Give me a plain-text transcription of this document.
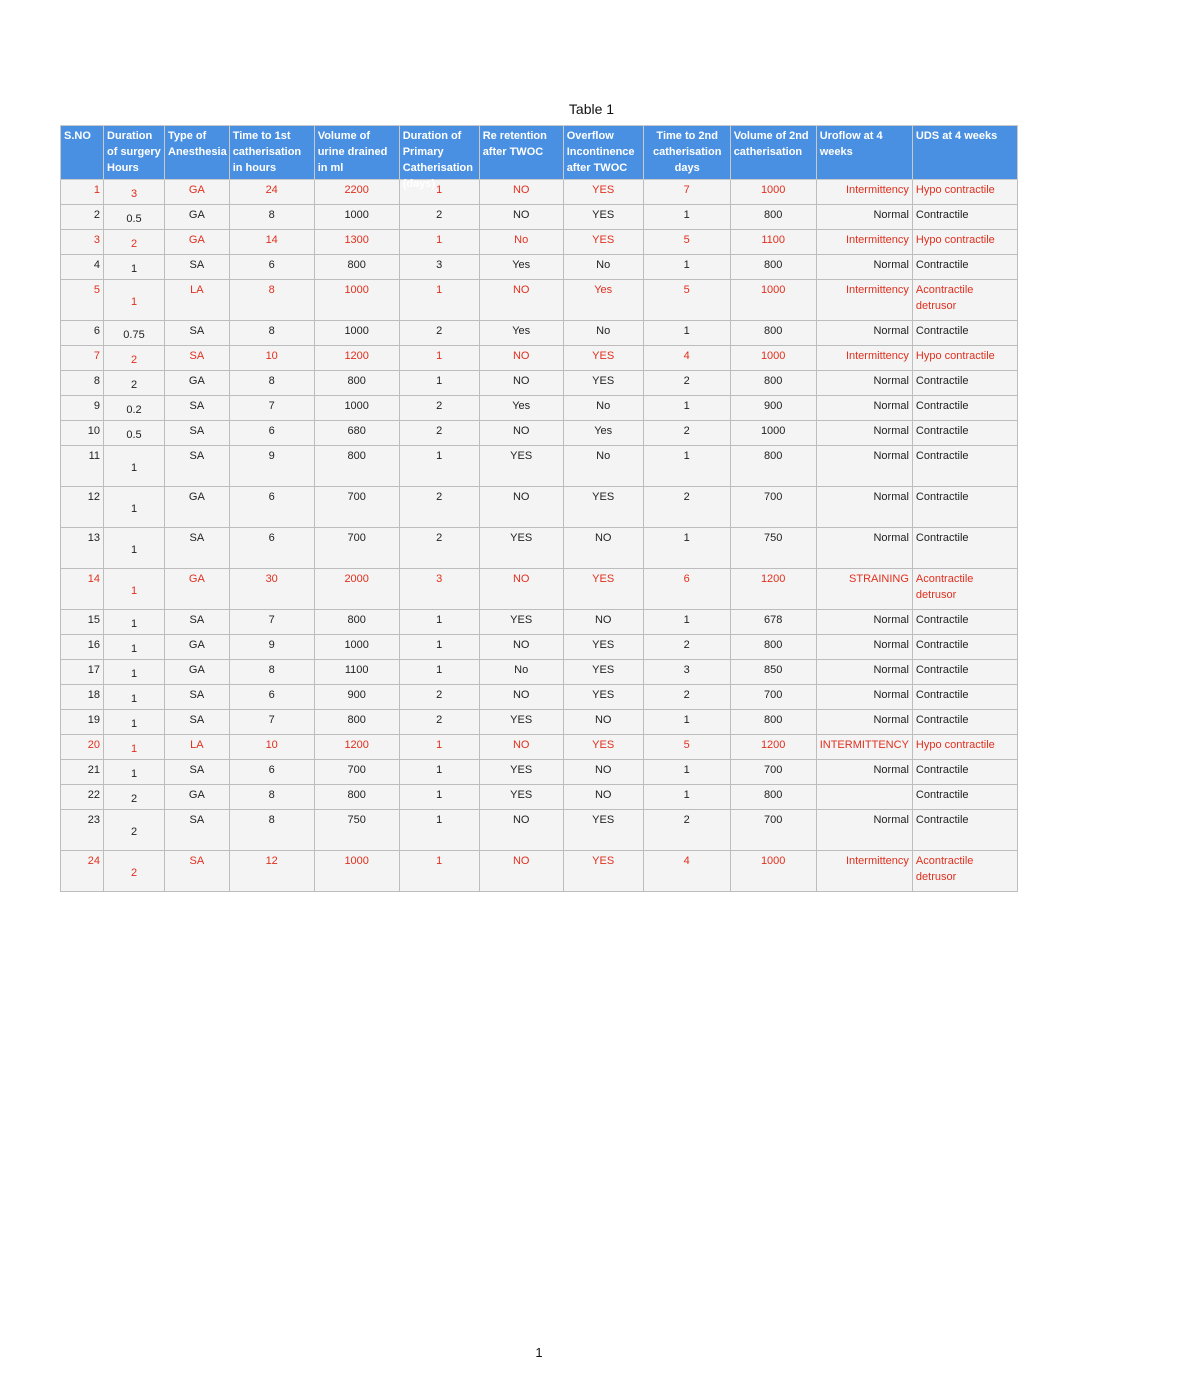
Table 1
S.NO	Duration of surgery Hours	Type of Anesthesia	Time to 1st catherisation in hours	Volume of urine drained in ml	Duration of Primary Catherisation (days)	Re retention after TWOC	Overflow Incontinence after TWOC	Time to 2nd catherisation days	Volume of 2nd catherisation	Uroflow at 4 weeks	UDS at 4 weeks

1	3	GA	24	2200	1	NO	YES	7	1000	Intermittency	Hypo contractile
2	0.5	GA	8	1000	2	NO	YES	1	800	Normal	Contractile
3	2	GA	14	1300	1	No	YES	5	1100	Intermittency	Hypo contractile
4	1	SA	6	800	3	Yes	No	1	800	Normal	Contractile
5	1	LA	8	1000	1	NO	Yes	5	1000	Intermittency	Acontractile detrusor
6	0.75	SA	8	1000	2	Yes	No	1	800	Normal	Contractile
7	2	SA	10	1200	1	NO	YES	4	1000	Intermittency	Hypo contractile
8	2	GA	8	800	1	NO	YES	2	800	Normal	Contractile
9	0.2	SA	7	1000	2	Yes	No	1	900	Normal	Contractile
10	0.5	SA	6	680	2	NO	Yes	2	1000	Normal	Contractile
11	1	SA	9	800	1	YES	No	1	800	Normal	Contractile
12	1	GA	6	700	2	NO	YES	2	700	Normal	Contractile
13	1	SA	6	700	2	YES	NO	1	750	Normal	Contractile
14	1	GA	30	2000	3	NO	YES	6	1200	STRAINING	Acontractile detrusor
15	1	SA	7	800	1	YES	NO	1	678	Normal	Contractile
16	1	GA	9	1000	1	NO	YES	2	800	Normal	Contractile
17	1	GA	8	1100	1	No	YES	3	850	Normal	Contractile
18	1	SA	6	900	2	NO	YES	2	700	Normal	Contractile
19	1	SA	7	800	2	YES	NO	1	800	Normal	Contractile
20	1	LA	10	1200	1	NO	YES	5	1200	INTERMITTENCY	Hypo contractile
21	1	SA	6	700	1	YES	NO	1	700	Normal	Contractile
22	2	GA	8	800	1	YES	NO	1	800		Contractile
23	2	SA	8	750	1	NO	YES	2	700	Normal	Contractile
24	2	SA	12	1000	1	NO	YES	4	1000	Intermittency	Acontractile detrusor
1
